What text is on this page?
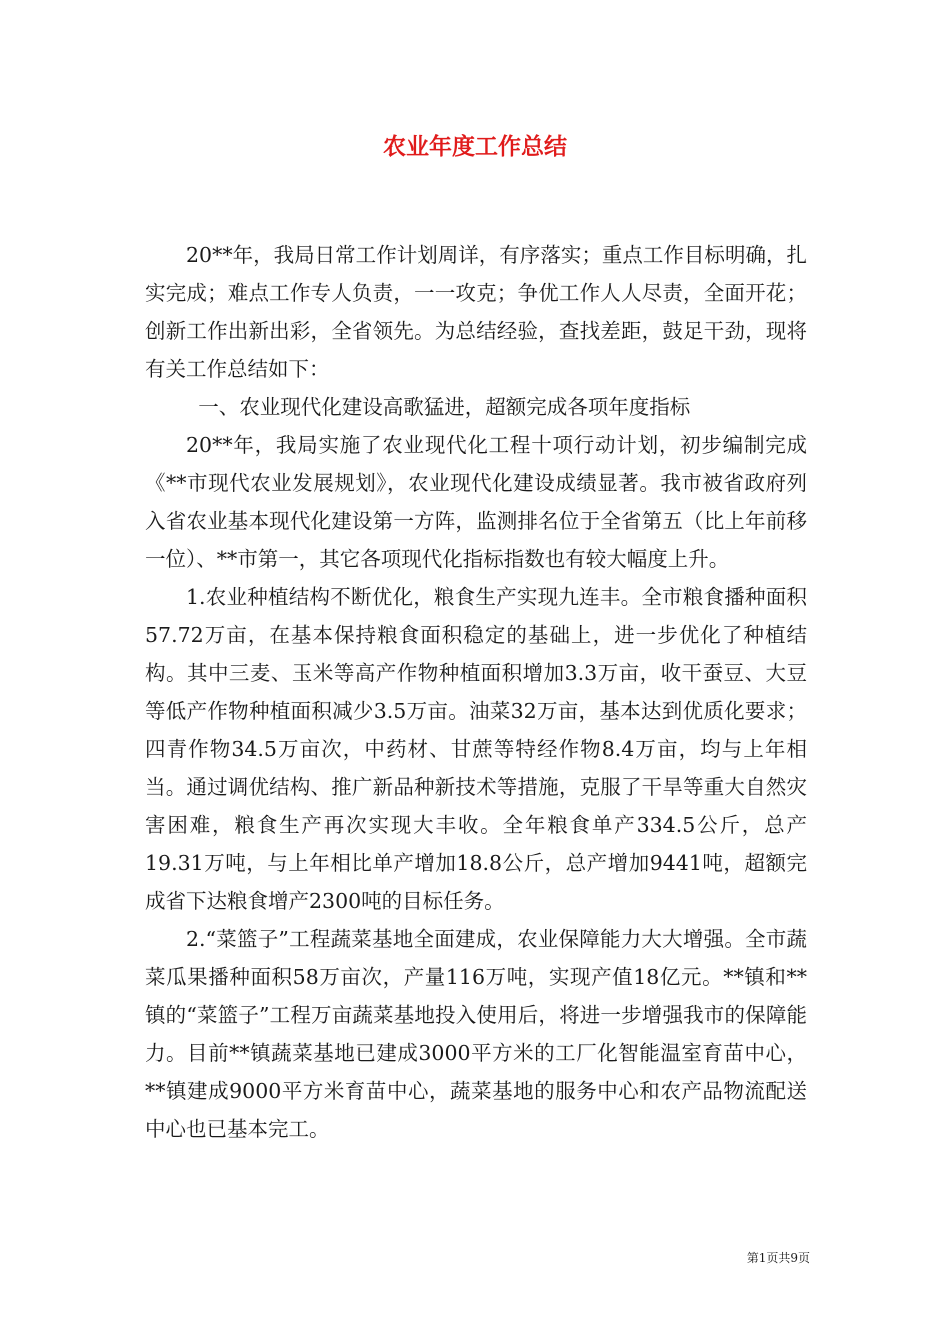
农业年度工作总结

20**年，我局日常工作计划周详，有序落实；重点工作目标明确，扎实完成；难点工作专人负责，一一攻克；争优工作人人尽责，全面开花；创新工作出新出彩，全省领先。为总结经验，查找差距，鼓足干劲，现将有关工作总结如下：

一、农业现代化建设高歌猛进，超额完成各项年度指标

20**年，我局实施了农业现代化工程十项行动计划，初步编制完成《**市现代农业发展规划》，农业现代化建设成绩显著。我市被省政府列入省农业基本现代化建设第一方阵，监测排名位于全省第五（比上年前移一位）、**市第一，其它各项现代化指标指数也有较大幅度上升。

1.农业种植结构不断优化，粮食生产实现九连丰。全市粮食播种面积57.72万亩，在基本保持粮食面积稳定的基础上，进一步优化了种植结构。其中三麦、玉米等高产作物种植面积增加3.3万亩，收干蚕豆、大豆等低产作物种植面积减少3.5万亩。油菜32万亩，基本达到优质化要求；四青作物34.5万亩次，中药材、甘蔗等特经作物8.4万亩，均与上年相当。通过调优结构、推广新品种新技术等措施，克服了干旱等重大自然灾害困难，粮食生产再次实现大丰收。全年粮食单产334.5公斤，总产19.31万吨，与上年相比单产增加18.8公斤，总产增加9441吨，超额完成省下达粮食增产2300吨的目标任务。

2.“菜篮子”工程蔬菜基地全面建成，农业保障能力大大增强。全市蔬菜瓜果播种面积58万亩次，产量116万吨，实现产值18亿元。**镇和**镇的“菜篮子”工程万亩蔬菜基地投入使用后，将进一步增强我市的保障能力。目前**镇蔬菜基地已建成3000平方米的工厂化智能温室育苗中心，**镇建成9000平方米育苗中心，蔬菜基地的服务中心和农产品物流配送中心也已基本完工。

第1页共9页
